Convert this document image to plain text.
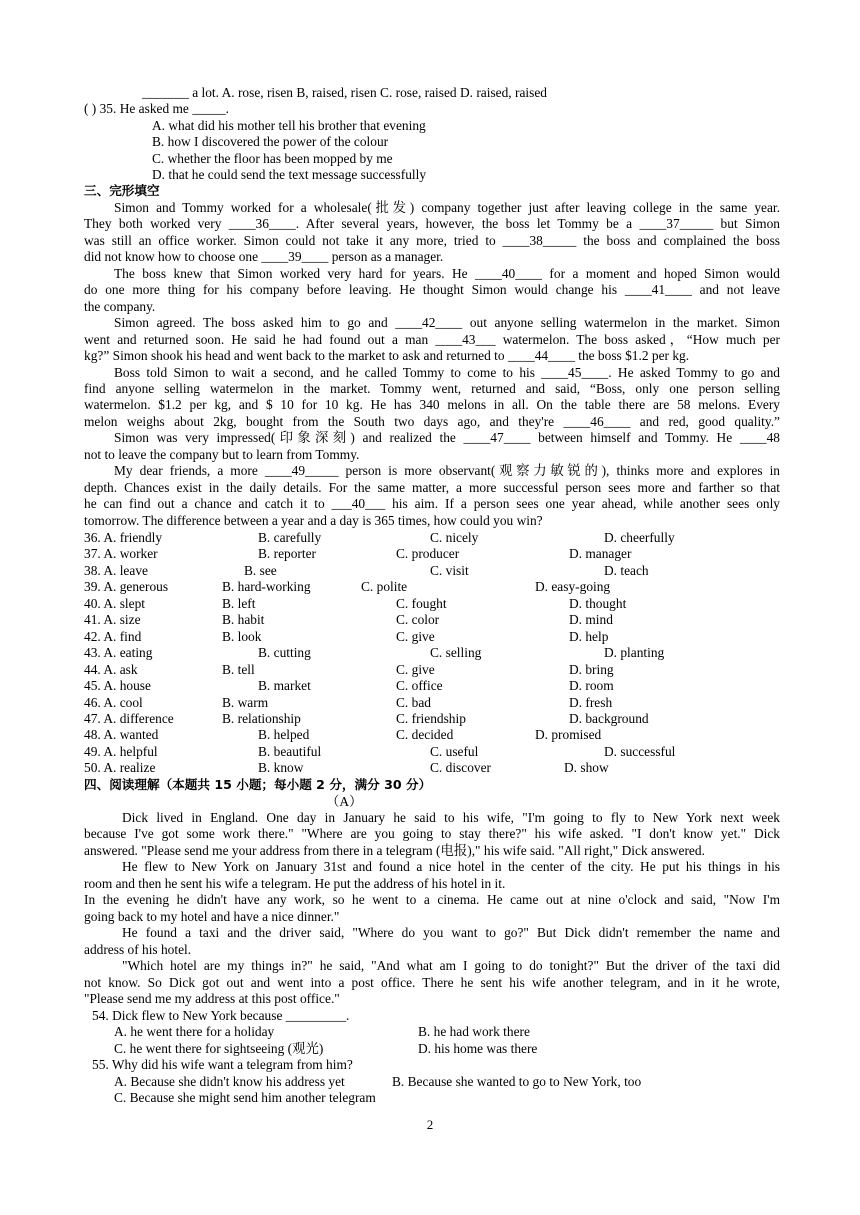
_______ a lot. A. rose, risen B, raised, risen C. rose, raised D. raised, raised
( ) 35. He asked me _____.
A. what did his mother tell his brother that evening
B. how I discovered the power of the colour
C. whether the floor has been mopped by me
D. that he could send the text message successfully
三、完形填空
Simon and Tommy worked for a wholesale(批发) company together just after leaving college in the same year.
They both worked very ____36____. After several years, however, the boss let Tommy be a ____37_____ but Simon
was still an office worker. Simon could not take it any more, tried to ____38_____ the boss and complained the boss
did not know how to choose one ____39____ person as a manager.
The boss knew that Simon worked very hard for years. He ____40____ for a moment and hoped Simon would
do one more thing for his company before leaving. He thought Simon would change his ____41____ and not leave
the company.
Simon agreed. The boss asked him to go and ____42____ out anyone selling watermelon in the market. Simon
went and returned soon. He said he had found out a man ____43___ watermelon. The boss asked，“How much per
kg?” Simon shook his head and went back to the market to ask and returned to ____44____ the boss $1.2 per kg.
Boss told Simon to wait a second, and he called Tommy to come to his ____45____. He asked Tommy to go and
find anyone selling watermelon in the market. Tommy went, returned and said, “Boss, only one person selling
watermelon. $1.2 per kg, and $ 10 for 10 kg. He has 340 melons in all. On the table there are 58 melons. Every
melon weighs about 2kg, bought from the South two days ago, and they're ____46____ and red, good quality.”
Simon was very impressed(印象深刻) and realized the ____47____ between himself and Tommy. He ____48
not to leave the company but to learn from Tommy.
My dear friends, a more ____49_____ person is more observant(观察力敏锐的), thinks more and explores in
depth. Chances exist in the daily details. For the same matter, a more successful person sees more and farther so that
he can find out a chance and catch it to ___40___ his aim. If a person sees one year ahead, while another sees only
tomorrow. The difference between a year and a day is 365 times, how could you win?
36. A. friendly	B. carefully	C. nicely	D. cheerfully
37. A. worker	B. reporter	C. producer	D. manager
38. A. leave	B. see	C. visit	D. teach
39. A. generous	B. hard-working	C. polite	D. easy-going
40. A. slept	B. left	C. fought	D. thought
41. A. size	B. habit	C. color	D. mind
42. A. find	B. look	C. give	D. help
43. A. eating	B. cutting	C. selling	D. planting
44. A. ask	B. tell	C. give	D. bring
45. A. house	B. market	C. office	D. room
46. A. cool	B. warm	C. bad	D. fresh
47. A. difference	B. relationship	C. friendship	D. background
48. A. wanted	B. helped	C. decided	D. promised
49. A. helpful	B. beautiful	C. useful	D. successful
50. A. realize	B. know	C. discover	D. show
四、阅读理解（本题共 15 小题；每小题 2 分，满分 30 分）
（A）
Dick lived in England. One day in January he said to his wife, "I'm going to fly to New York next week
because I've got some work there." "Where are you going to stay there?" his wife asked. "I don't know yet." Dick
answered. "Please send me your address from there in a telegram (电报)," his wife said. "All right," Dick answered.
He flew to New York on January 31st and found a nice hotel in the center of the city. He put his things in his
room and then he sent his wife a telegram. He put the address of his hotel in it.
In the evening he didn't have any work, so he went to a cinema. He came out at nine o'clock and said, "Now I'm
going back to my hotel and have a nice dinner."
He found a taxi and the driver said, "Where do you want to go?" But Dick didn't remember the name and
address of his hotel.
"Which hotel are my things in?" he said, "And what am I going to do tonight?" But the driver of the taxi did
not know. So Dick got out and went into a post office. There he sent his wife another telegram, and in it he wrote,
"Please send me my address at this post office."
54. Dick flew to New York because _________.
A. he went there for a holiday	B. he had work there
C. he went there for sightseeing (观光)	D. his home was there
55. Why did his wife want a telegram from him?
A. Because she didn't know his address yet	B. Because she wanted to go to New York, too
C. Because she might send him another telegram
2
